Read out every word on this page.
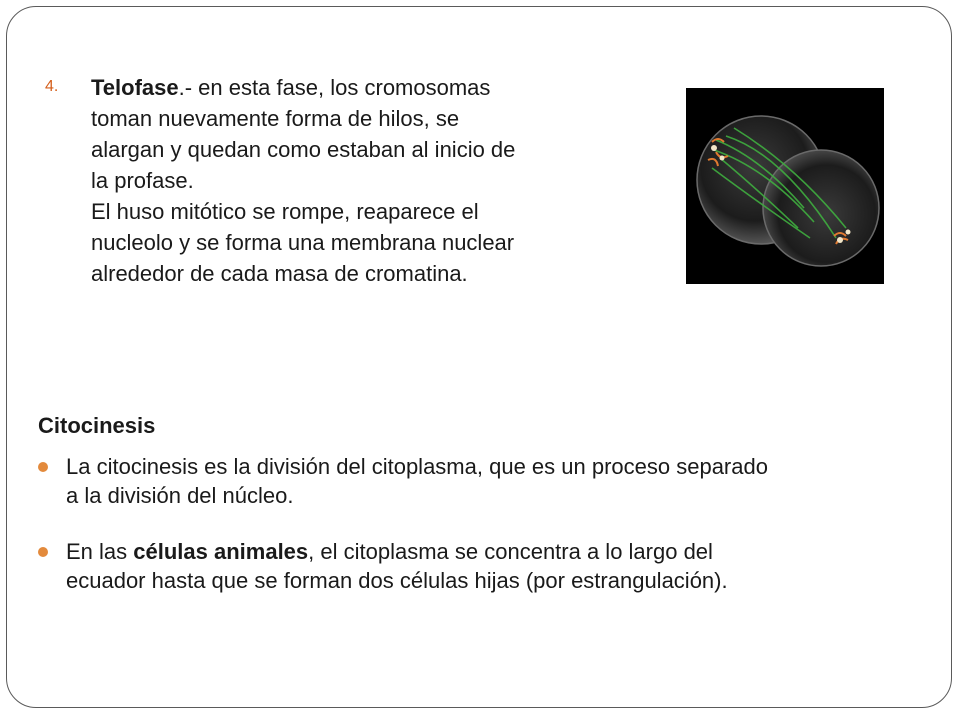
4. Telofase.- en esta fase, los cromosomas
toman nuevamente forma de hilos, se
alargan y quedan como estaban al inicio de
la profase.
El huso mitótico se rompe, reaparece el
nucleolo y se forma una membrana nuclear
alrededor de cada masa de cromatina.
Citocinesis
La citocinesis es la división del citoplasma, que es un proceso separado
a la división del núcleo.
En las células animales, el citoplasma se concentra a lo largo del
ecuador hasta que se forman dos células hijas (por estrangulación).
